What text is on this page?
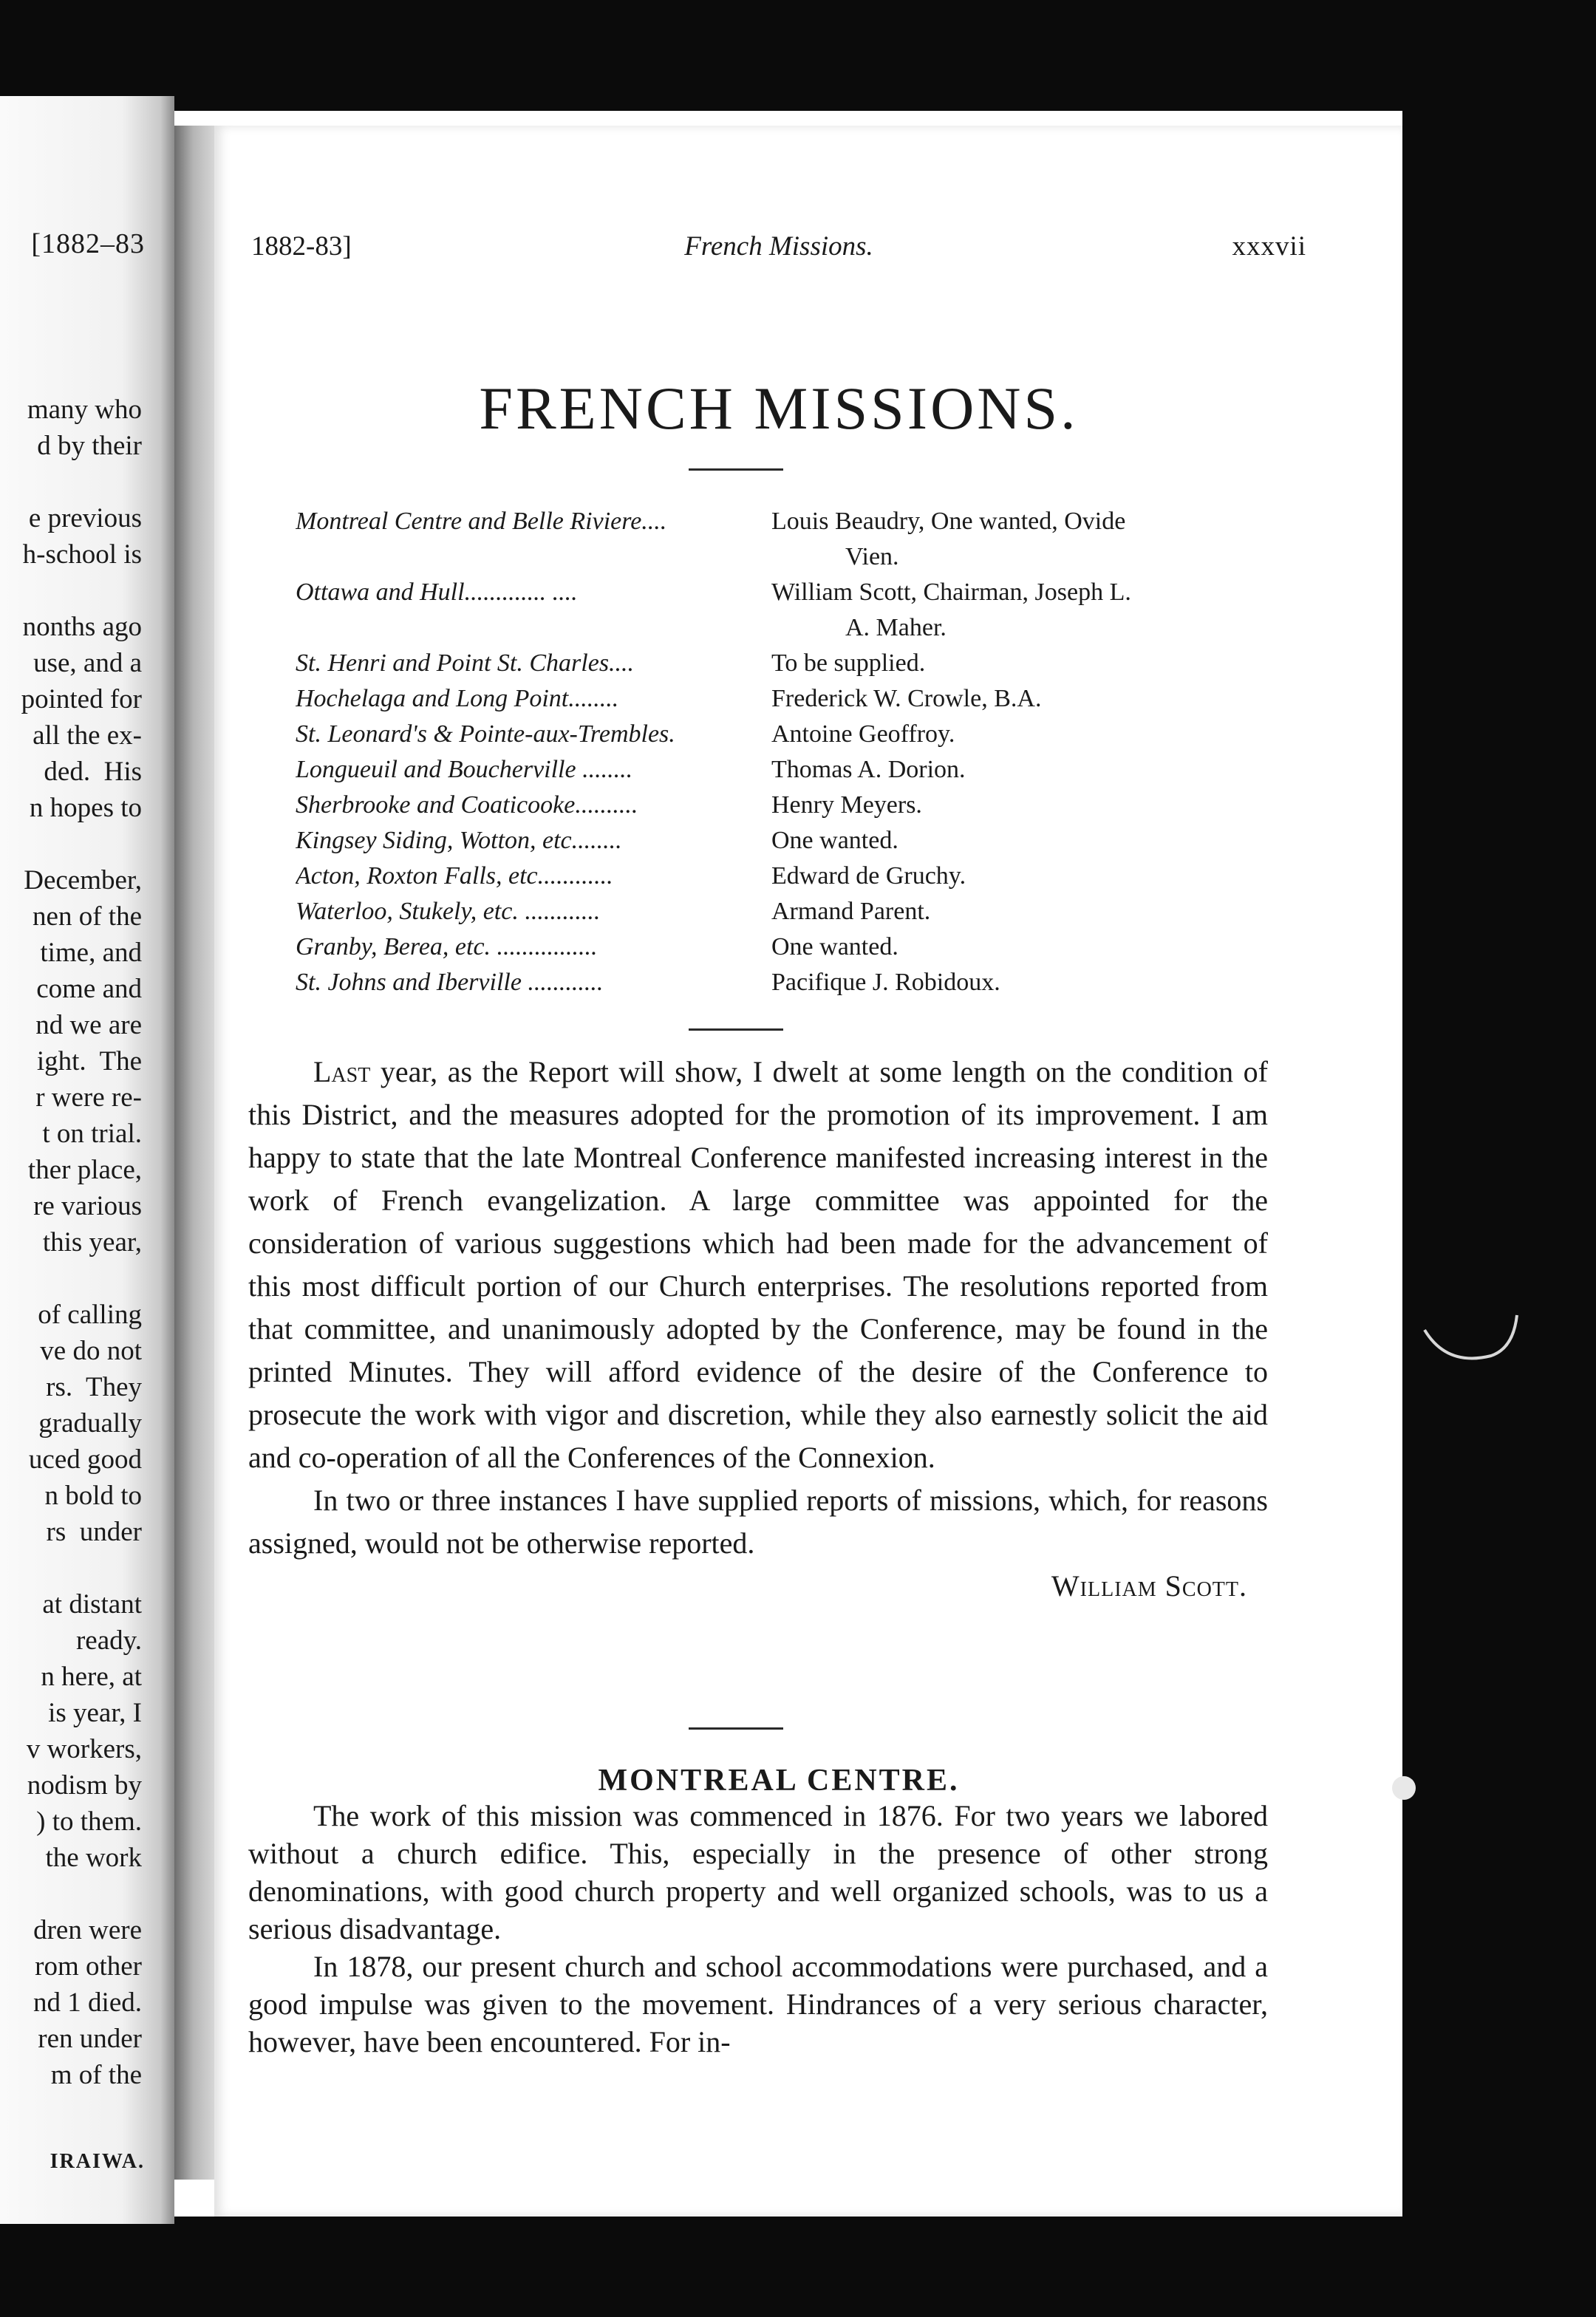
[1882–83
many who
d by their

e previous
h-school is

nonths ago
use, and a
pointed for
all the ex-
ded.  His
n hopes to

December,
nen of the
time, and
come and
nd we are
ight.  The
r were re-
t on trial.
ther place,
re various
this year,

of calling
ve do not
rs.  They
gradually
uced good
n bold to
rs  under

at distant
ready.
n here, at
is year, I
v workers,
nodism by
) to them.
the work

dren were
rom other
nd 1 died.
ren under
m of the
IRAIWA.
1882-83]	French Missions.	xxxvii
FRENCH MISSIONS.
Montreal Centre and Belle Riviere....	Louis Beaudry, One wanted, Ovide
Vien.
Ottawa and Hull............. ....	William Scott, Chairman, Joseph L.
A. Maher.
St. Henri and Point St. Charles....	To be supplied.
Hochelaga and Long Point........	Frederick W. Crowle, B.A.
St. Leonard's & Pointe-aux-Trembles.	Antoine Geoffroy.
Longueuil and Boucherville ........	Thomas A. Dorion.
Sherbrooke and Coaticooke..........	Henry Meyers.
Kingsey Siding, Wotton, etc........	One wanted.
Acton, Roxton Falls, etc............	Edward de Gruchy.
Waterloo, Stukely, etc. ............	Armand Parent.
Granby, Berea, etc. ................	One wanted.
St. Johns and Iberville ............	Pacifique J. Robidoux.

Last year, as the Report will show, I dwelt at some length on the condition of this District, and the measures adopted for the promotion of its improvement. I am happy to state that the late Montreal Conference manifested increasing interest in the work of French evangelization. A large committee was appointed for the consideration of various suggestions which had been made for the advancement of this most difficult portion of our Church enterprises. The resolutions reported from that committee, and unanimously adopted by the Conference, may be found in the printed Minutes. They will afford evidence of the desire of the Conference to prosecute the work with vigor and discretion, while they also earnestly solicit the aid and co-operation of all the Conferences of the Connexion.

In two or three instances I have supplied reports of missions, which, for reasons assigned, would not be otherwise reported.

William Scott.

MONTREAL CENTRE.

The work of this mission was commenced in 1876. For two years we labored without a church edifice. This, especially in the presence of other strong denominations, with good church property and well organized schools, was to us a serious disadvantage.

In 1878, our present church and school accommodations were purchased, and a good impulse was given to the movement. Hindrances of a very serious character, however, have been encountered. For in-
